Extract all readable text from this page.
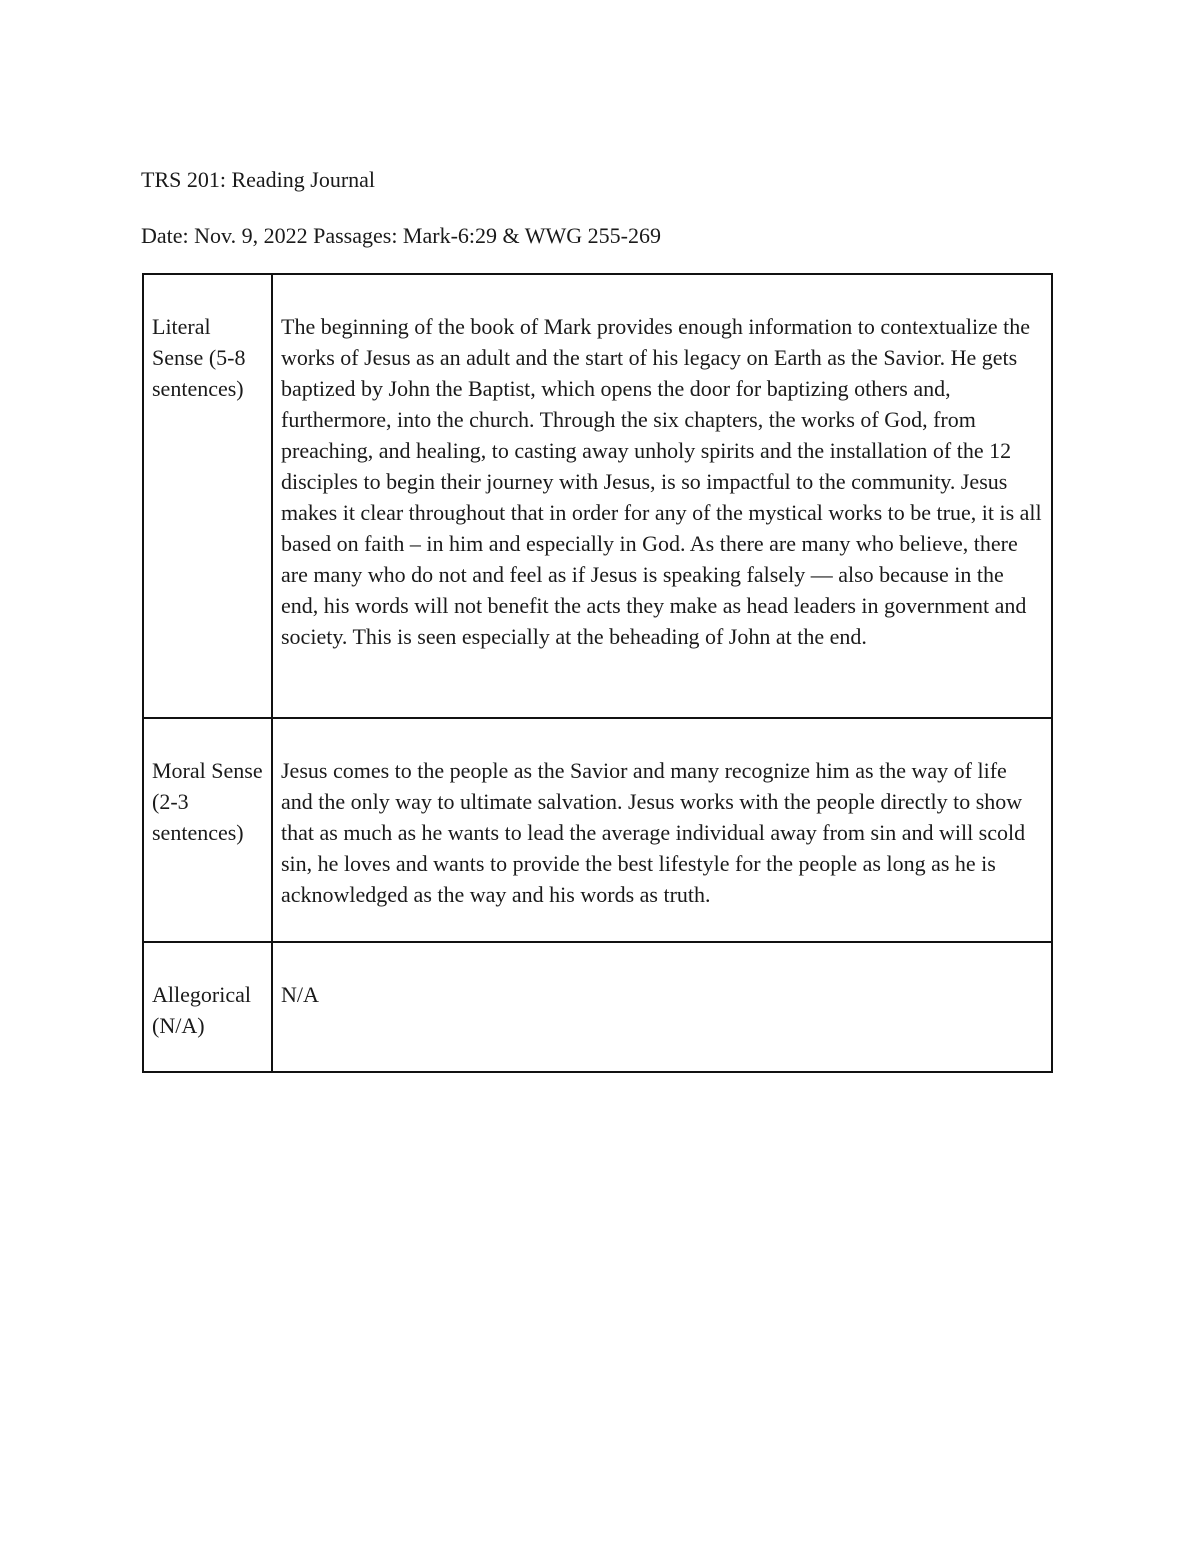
TRS 201: Reading Journal
Date: Nov. 9, 2022 Passages: Mark-6:29 & WWG 255-269
Literal Sense (5-8 sentences)	The beginning of the book of Mark provides enough information to contextualize the works of Jesus as an adult and the start of his legacy on Earth as the Savior. He gets baptized by John the Baptist, which opens the door for baptizing others and, furthermore, into the church. Through the six chapters, the works of God, from preaching, and healing, to casting away unholy spirits and the installation of the 12 disciples to begin their journey with Jesus, is so impactful to the community. Jesus makes it clear throughout that in order for any of the mystical works to be true, it is all based on faith – in him and especially in God. As there are many who believe, there are many who do not and feel as if Jesus is speaking falsely — also because in the end, his words will not benefit the acts they make as head leaders in government and society. This is seen especially at the beheading of John at the end.

Moral Sense (2-3 sentences)	Jesus comes to the people as the Savior and many recognize him as the way of life and the only way to ultimate salvation. Jesus works with the people directly to show that as much as he wants to lead the average individual away from sin and will scold sin, he loves and wants to provide the best lifestyle for the people as long as he is acknowledged as the way and his words as truth.

Allegorical (N/A)	N/A
